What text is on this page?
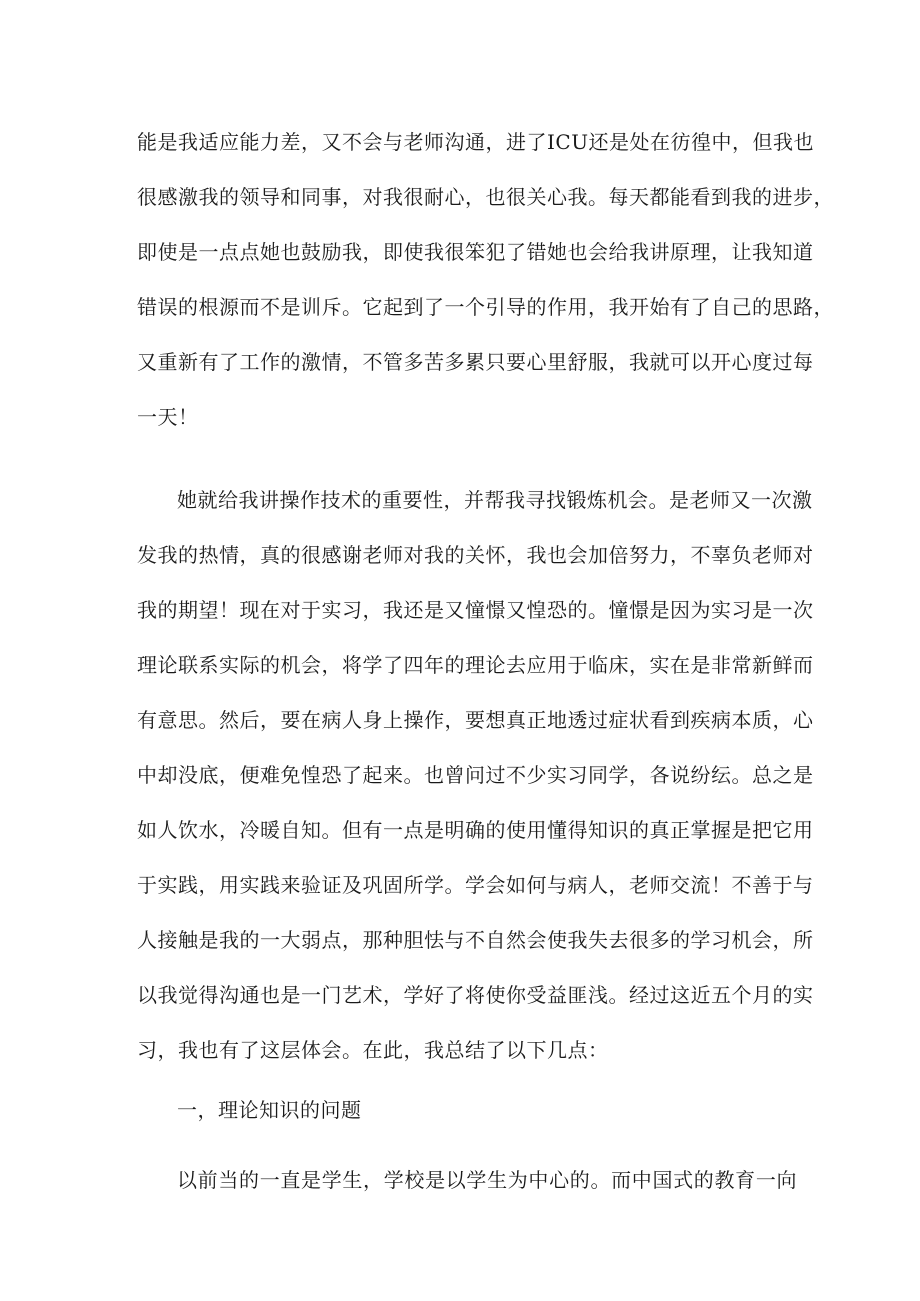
能是我适应能力差，又不会与老师沟通，进了ICU还是处在彷徨中，但我也
很感激我的领导和同事，对我很耐心，也很关心我。每天都能看到我的进步，
即使是一点点她也鼓励我，即使我很笨犯了错她也会给我讲原理，让我知道
错误的根源而不是训斥。它起到了一个引导的作用，我开始有了自己的思路，
又重新有了工作的激情，不管多苦多累只要心里舒服，我就可以开心度过每
一天！
她就给我讲操作技术的重要性，并帮我寻找锻炼机会。是老师又一次激
发我的热情，真的很感谢老师对我的关怀，我也会加倍努力，不辜负老师对
我的期望！现在对于实习，我还是又憧憬又惶恐的。憧憬是因为实习是一次
理论联系实际的机会，将学了四年的理论去应用于临床，实在是非常新鲜而
有意思。然后，要在病人身上操作，要想真正地透过症状看到疾病本质，心
中却没底，便难免惶恐了起来。也曾问过不少实习同学，各说纷纭。总之是
如人饮水，冷暖自知。但有一点是明确的使用懂得知识的真正掌握是把它用
于实践，用实践来验证及巩固所学。学会如何与病人，老师交流！不善于与
人接触是我的一大弱点，那种胆怯与不自然会使我失去很多的学习机会，所
以我觉得沟通也是一门艺术，学好了将使你受益匪浅。经过这近五个月的实
习，我也有了这层体会。在此，我总结了以下几点：
一，理论知识的问题
以前当的一直是学生，学校是以学生为中心的。而中国式的教育一向
